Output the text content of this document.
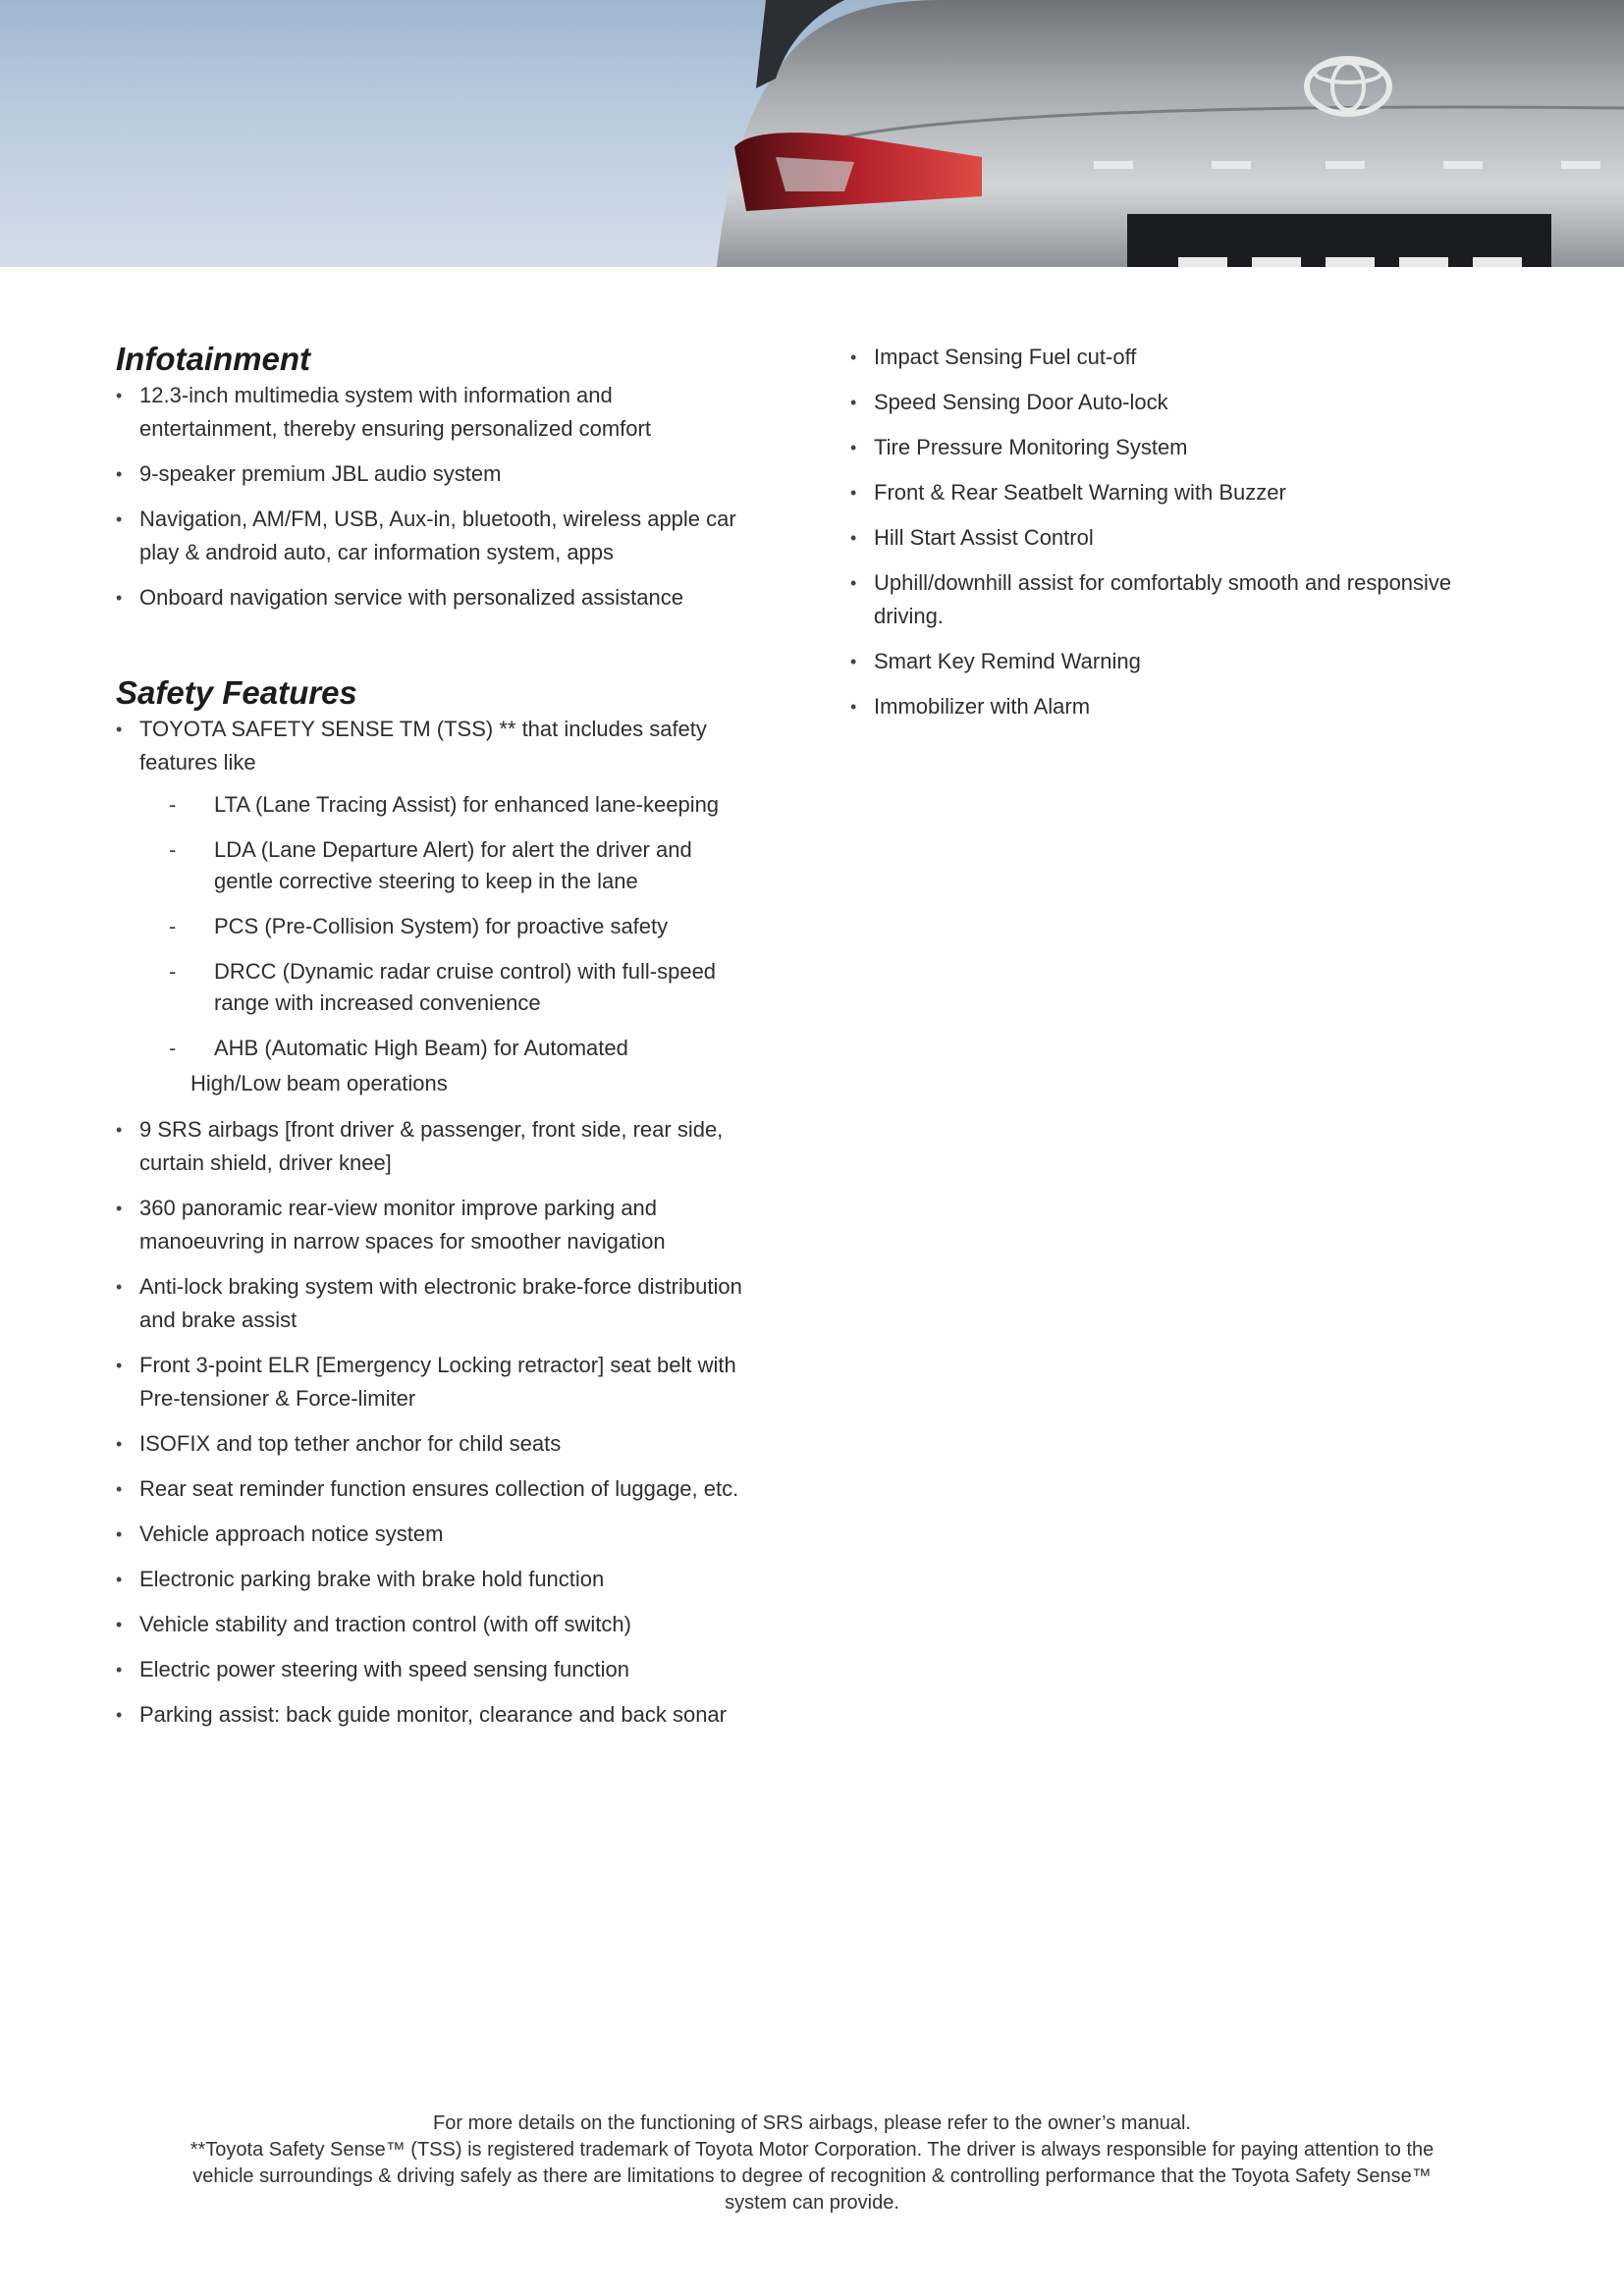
Infotainment
• 12.3-inch multimedia system with information and entertainment, thereby ensuring personalized comfort
• 9-speaker premium JBL audio system
• Navigation, AM/FM, USB, Aux-in, bluetooth, wireless apple car play & android auto, car information system, apps
• Onboard navigation service with personalized assistance
Safety Features
• TOYOTA SAFETY SENSE TM (TSS) ** that includes safety features like
- LTA (Lane Tracing Assist) for enhanced lane-keeping
- LDA (Lane Departure Alert) for alert the driver and gentle corrective steering to keep in the lane
- PCS (Pre-Collision System) for proactive safety
- DRCC (Dynamic radar cruise control) with full-speed range with increased convenience
- AHB (Automatic High Beam) for Automated
High/Low beam operations
• 9 SRS airbags [front driver & passenger, front side, rear side, curtain shield, driver knee]
• 360 panoramic rear-view monitor improve parking and manoeuvring in narrow spaces for smoother navigation
• Anti-lock braking system with electronic brake-force distribution and brake assist
• Front 3-point ELR [Emergency Locking retractor] seat belt with Pre-tensioner & Force-limiter
• ISOFIX and top tether anchor for child seats
• Rear seat reminder function ensures collection of luggage, etc.
• Vehicle approach notice system
• Electronic parking brake with brake hold function
• Vehicle stability and traction control (with off switch)
• Electric power steering with speed sensing function
• Parking assist: back guide monitor, clearance and back sonar
• Impact Sensing Fuel cut-off
• Speed Sensing Door Auto-lock
• Tire Pressure Monitoring System
• Front & Rear Seatbelt Warning with Buzzer
• Hill Start Assist Control
• Uphill/downhill assist for comfortably smooth and responsive driving.
• Smart Key Remind Warning
• Immobilizer with Alarm
For more details on the functioning of SRS airbags, please refer to the owner’s manual.
**Toyota Safety Sense™ (TSS) is registered trademark of Toyota Motor Corporation. The driver is always responsible for paying attention to the vehicle surroundings & driving safely as there are limitations to degree of recognition & controlling performance that the Toyota Safety Sense™ system can provide.
